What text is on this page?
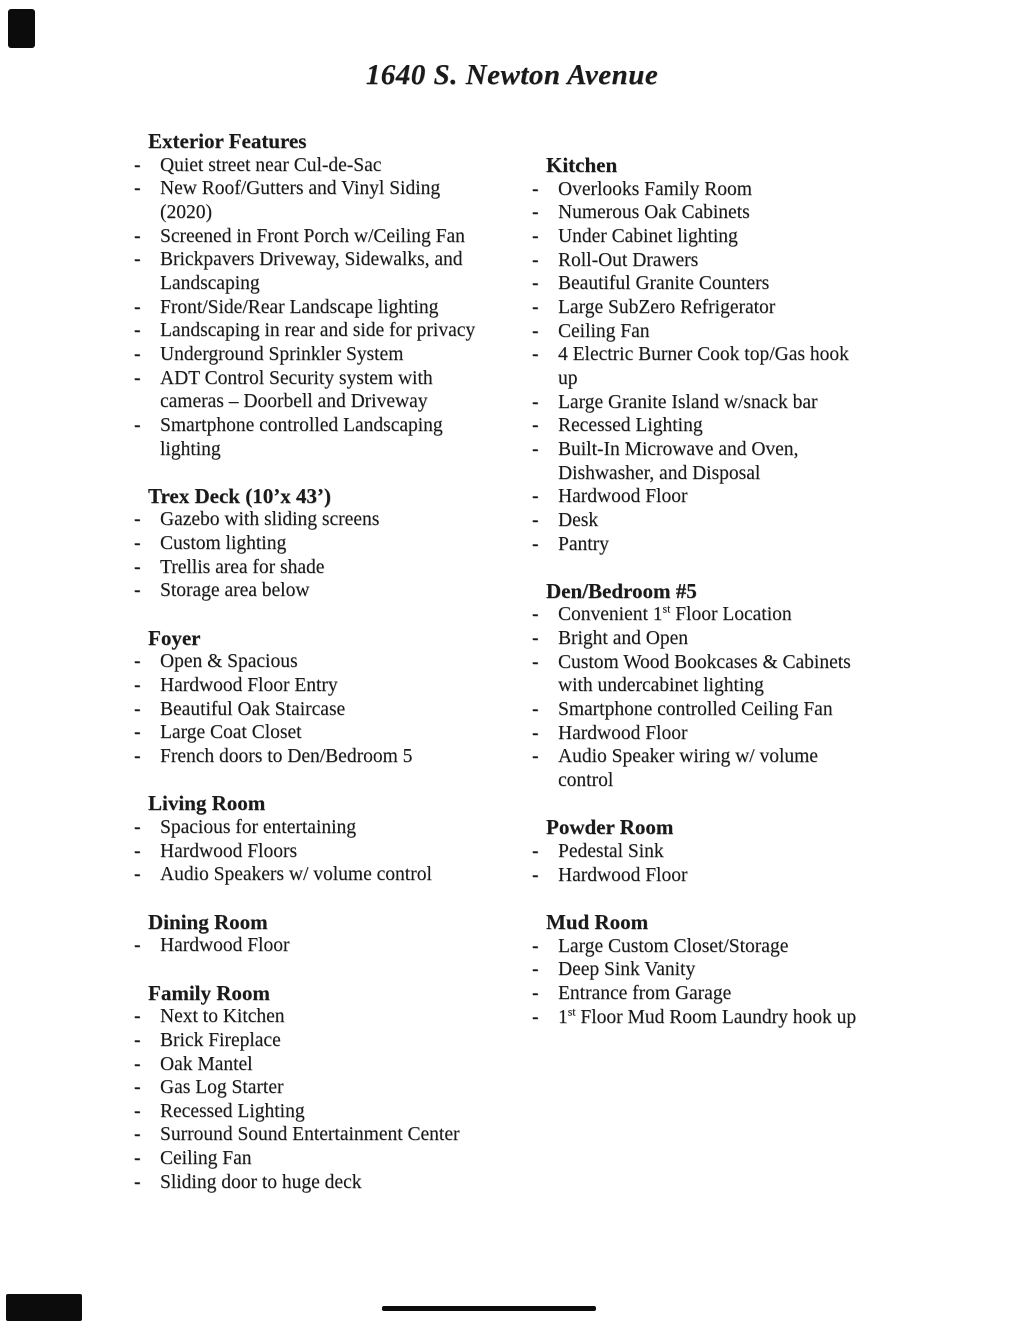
1640 S. Newton Avenue
Exterior Features
-	Quiet street near Cul-de-Sac
-	New Roof/Gutters and Vinyl Siding
(2020)
-	Screened in Front Porch w/Ceiling Fan
-	Brickpavers Driveway, Sidewalks, and
Landscaping
-	Front/Side/Rear Landscape lighting
-	Landscaping in rear and side for privacy
-	Underground Sprinkler System
-	ADT Control Security system with
cameras – Doorbell and Driveway
-	Smartphone controlled Landscaping
lighting
Trex Deck (10’x 43’)
-	Gazebo with sliding screens
-	Custom lighting
-	Trellis area for shade
-	Storage area below
Foyer
-	Open & Spacious
-	Hardwood Floor Entry
-	Beautiful Oak Staircase
-	Large Coat Closet
-	French doors to Den/Bedroom 5
Living Room
-	Spacious for entertaining
-	Hardwood Floors
-	Audio Speakers w/ volume control
Dining Room
-	Hardwood Floor
Family Room
-	Next to Kitchen
-	Brick Fireplace
-	Oak Mantel
-	Gas Log Starter
-	Recessed Lighting
-	Surround Sound Entertainment Center
-	Ceiling Fan
-	Sliding door to huge deck
Kitchen
-	Overlooks Family Room
-	Numerous Oak Cabinets
-	Under Cabinet lighting
-	Roll-Out Drawers
-	Beautiful Granite Counters
-	Large SubZero Refrigerator
-	Ceiling Fan
-	4 Electric Burner Cook top/Gas hook
up
-	Large Granite Island w/snack bar
-	Recessed Lighting
-	Built-In Microwave and Oven,
Dishwasher, and Disposal
-	Hardwood Floor
-	Desk
-	Pantry
Den/Bedroom #5
-	Convenient 1st Floor Location
-	Bright and Open
-	Custom Wood Bookcases & Cabinets
with undercabinet lighting
-	Smartphone controlled Ceiling Fan
-	Hardwood Floor
-	Audio Speaker wiring w/ volume
control
Powder Room
-	Pedestal Sink
-	Hardwood Floor
Mud Room
-	Large Custom Closet/Storage
-	Deep Sink Vanity
-	Entrance from Garage
-	1st Floor Mud Room Laundry hook up
